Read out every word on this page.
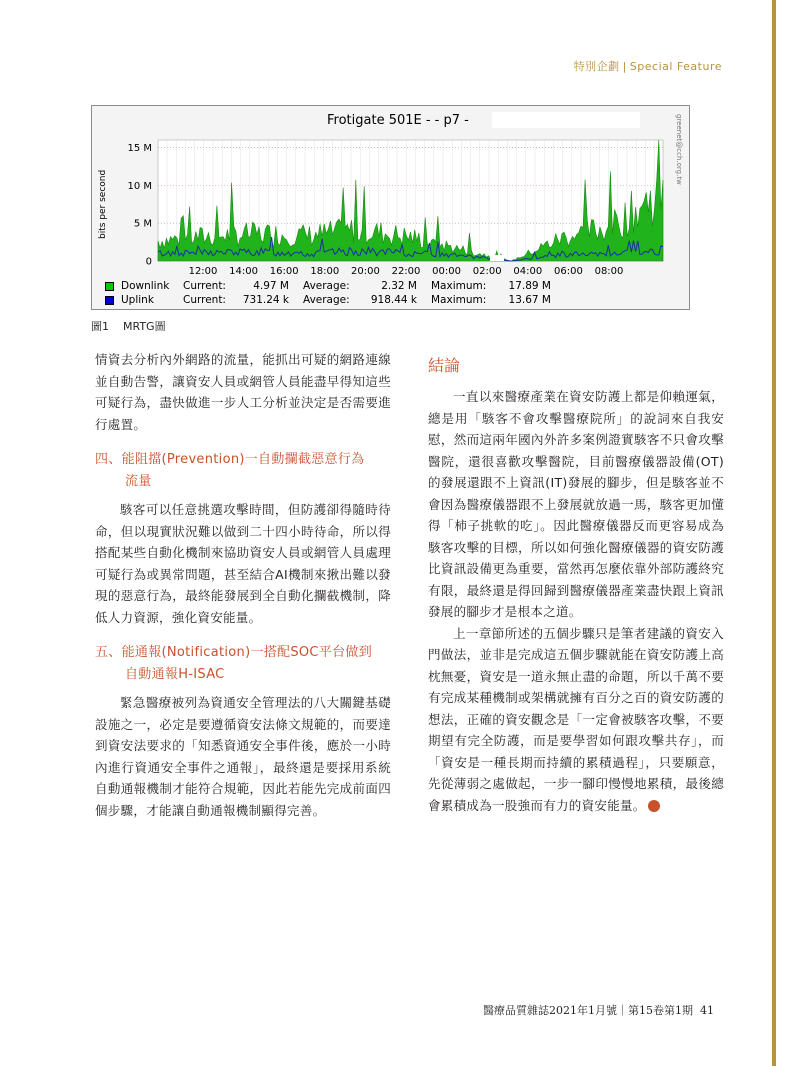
特別企劃 | Special Feature
15 M
10 M
5 M
0
12:00 14:00 16:00 18:00 20:00 22:00 00:00 02:00 04:00 06:00 08:00
bits per second
greenet@cch.org.tw
Frotigate 501E - - p7 -
Downlink	Current:	4.97 M Average:	2.32 M Maximum:	17.89 M
Uplink	Current:	731.24 k Average:	918.44 k Maximum:	13.67 M
圖1 MRTG圖

情資去分析內外網路的流量，能抓出可疑的網路連線並自動告警，讓資安人員或網管人員能盡早得知這些可疑行為，盡快做進一步人工分析並決定是否需要進行處置。

四、能阻擋(Prevention)一自動攔截惡意行為
流量

駭客可以任意挑選攻擊時間，但防護卻得隨時待命，但以現實狀況難以做到二十四小時待命，所以得搭配某些自動化機制來協助資安人員或網管人員處理可疑行為或異常問題，甚至結合AI機制來揪出難以發現的惡意行為，最終能發展到全自動化攔截機制，降低人力資源，強化資安能量。

五、能通報(Notification)一搭配SOC平台做到
自動通報H-ISAC

緊急醫療被列為資通安全管理法的八大關鍵基礎設施之一，必定是要遵循資安法條文規範的，而要達到資安法要求的「知悉資通安全事件後，應於一小時內進行資通安全事件之通報」，最終還是要採用系統自動通報機制才能符合規範，因此若能先完成前面四個步驟，才能讓自動通報機制顯得完善。

結論

一直以來醫療產業在資安防護上都是仰賴運氣，總是用「駭客不會攻擊醫療院所」的說詞來自我安慰，然而這兩年國內外許多案例證實駭客不只會攻擊醫院，還很喜歡攻擊醫院，目前醫療儀器設備(OT)的發展還跟不上資訊(IT)發展的腳步，但是駭客並不會因為醫療儀器跟不上發展就放過一馬，駭客更加懂得「柿子挑軟的吃」。因此醫療儀器反而更容易成為駭客攻擊的目標，所以如何強化醫療儀器的資安防護比資訊設備更為重要，當然再怎麼依靠外部防護終究有限，最終還是得回歸到醫療儀器產業盡快跟上資訊發展的腳步才是根本之道。

上一章節所述的五個步驟只是筆者建議的資安入門做法，並非是完成這五個步驟就能在資安防護上高枕無憂，資安是一道永無止盡的命題，所以千萬不要有完成某種機制或架構就擁有百分之百的資安防護的想法，正確的資安觀念是「一定會被駭客攻擊，不要期望有完全防護，而是要學習如何跟攻擊共存」，而「資安是一種長期而持續的累積過程」，只要願意，先從薄弱之處做起，一步一腳印慢慢地累積，最後總會累積成為一股強而有力的資安能量。

醫療品質雜誌2021年1月號｜第15卷第1期 41
